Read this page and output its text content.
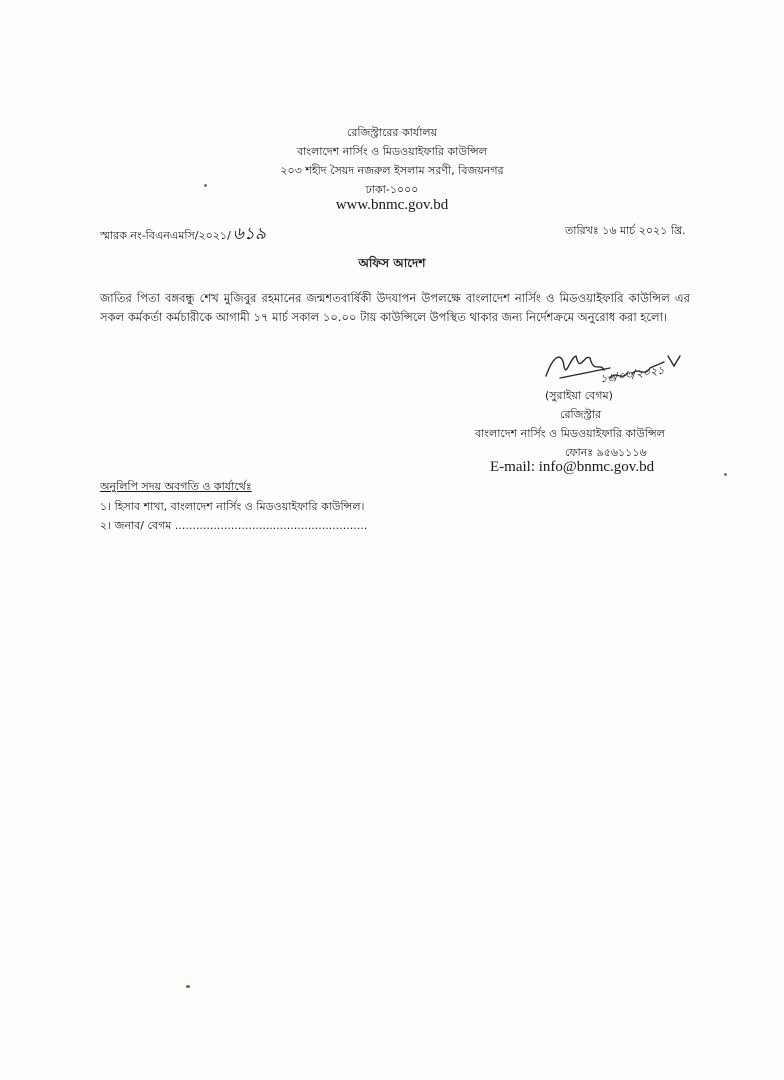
রেজিস্ট্রারের কার্যালয়
বাংলাদেশ নার্সিং ও মিডওয়াইফারি কাউন্সিল
২০৩ শহীদ সৈয়দ নজরুল ইসলাম সরণী, বিজয়নগর
ঢাকা-১০০০
www.bnmc.gov.bd
স্মারক নং-বিএনএমসি/২০২১/ ৬১৯	তারিখঃ ১৬ মার্চ ২০২১ খ্রি.
অফিস আদেশ
জাতির পিতা বঙ্গবন্ধু শেখ মুজিবুর রহমানের জন্মশতবার্ষিকী উদযাপন উপলক্ষে বাংলাদেশ নার্সিং ও মিডওয়াইফারি কাউন্সিল এর সকল কর্মকর্তা কর্মচারীকে আগামী ১৭ মার্চ সকাল ১০.০০ টায় কাউন্সিলে উপস্থিত থাকার জন্য নির্দেশক্রমে অনুরোধ করা হলো।
১৬/০৩/২০২১
(সুরাইয়া বেগম)
রেজিস্ট্রার
বাংলাদেশ নার্সিং ও মিডওয়াইফারি কাউন্সিল
ফোনঃ ৯৫৬১১১৬
E-mail: info@bnmc.gov.bd
অনুলিপি সদয় অবগতি ও কার্যার্থেঃ
১। হিসাব শাখা, বাংলাদেশ নার্সিং ও মিডওয়াইফারি কাউন্সিল।
২। জনাব/ বেগম .......................................................
